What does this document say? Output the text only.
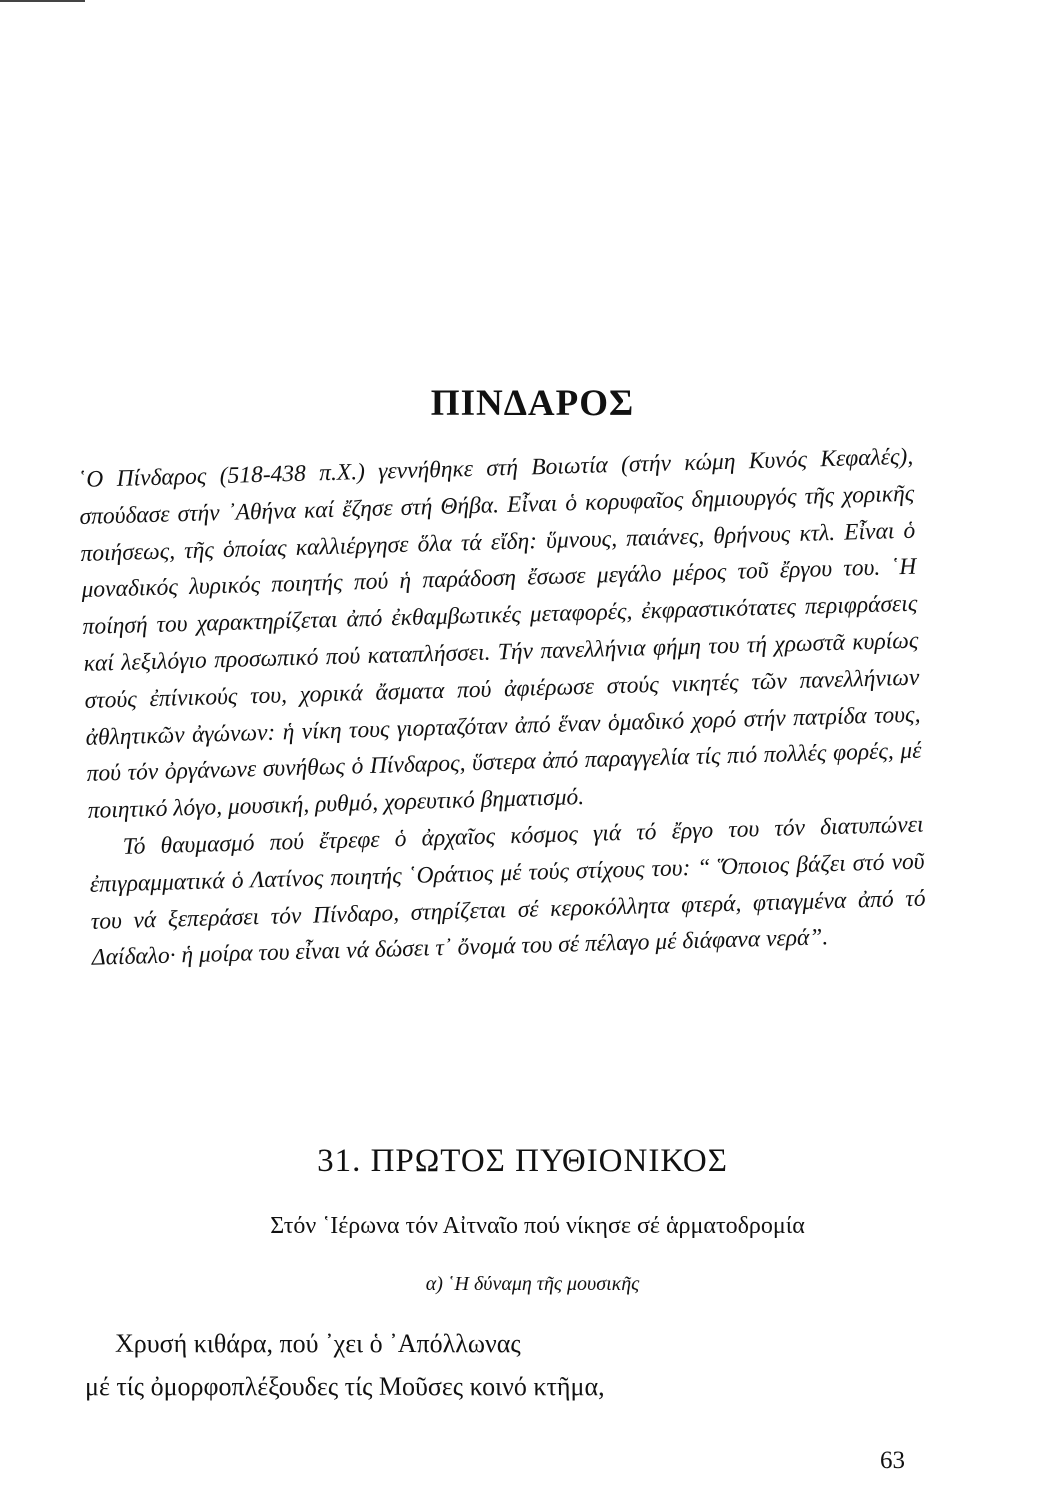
ΠΙΝΔΑΡΟΣ

῾Ο Πίνδαρος (518-438 π.Χ.) γεννήθηκε στή Βοιωτία (στήν κώμη Κυνός Κεφαλές), σπούδασε στήν ᾿Αθήνα καί ἔζησε στή Θήβα. Εἶναι ὁ κορυφαῖος δημιουργός τῆς χορικῆς ποιήσεως, τῆς ὁποίας καλλιέργησε ὅλα τά εἴδη: ὕμνους, παιάνες, θρήνους κτλ. Εἶναι ὁ μοναδικός λυρικός ποιητής πού ἡ παράδοση ἔσωσε μεγάλο μέρος τοῦ ἔργου του. ῾Η ποίησή του χαρακτηρίζεται ἀπό ἐκθαμβωτικές μεταφορές, ἐκφραστικότατες περιφράσεις καί λεξιλόγιο προσωπικό πού καταπλήσσει. Τήν πανελλήνια φήμη του τή χρωστᾶ κυρίως στούς ἐπίνικούς του, χορικά ἄσματα πού ἀφιέρωσε στούς νικητές τῶν πανελλήνιων ἀθλητικῶν ἀγώνων: ἡ νίκη τους γιορταζόταν ἀπό ἕναν ὁμαδικό χορό στήν πατρίδα τους, πού τόν ὀργάνωνε συνήθως ὁ Πίνδαρος, ὕστερα ἀπό παραγγελία τίς πιό πολλές φορές, μέ ποιητικό λόγο, μουσική, ρυθμό, χορευτικό βηματισμό.

Τό θαυμασμό πού ἔτρεφε ὁ ἀρχαῖος κόσμος γιά τό ἔργο του τόν διατυπώνει ἐπιγραμματικά ὁ Λατίνος ποιητής ῾Οράτιος μέ τούς στίχους του: “ Ὅποιος βάζει στό νοῦ του νά ξεπεράσει τόν Πίνδαρο, στηρίζεται σέ κεροκόλλητα φτερά, φτιαγμένα ἀπό τό Δαίδαλο· ἡ μοίρα του εἶναι νά δώσει τ᾿ ὄνομά του σέ πέλαγο μέ διάφανα νερά”.

31. ΠΡΩΤΟΣ ΠΥΘΙΟΝΙΚΟΣ
Στόν ῾Ιέρωνα τόν Αἰτναῖο πού νίκησε σέ ἁρματοδρομία
α) ῾Η δύναμη τῆς μουσικῆς
Χρυσή κιθάρα, πού ᾿χει ὁ ᾿Απόλλωνας
μέ τίς ὀμορφοπλέξουδες τίς Μοῦσες κοινό κτῆμα,
63
